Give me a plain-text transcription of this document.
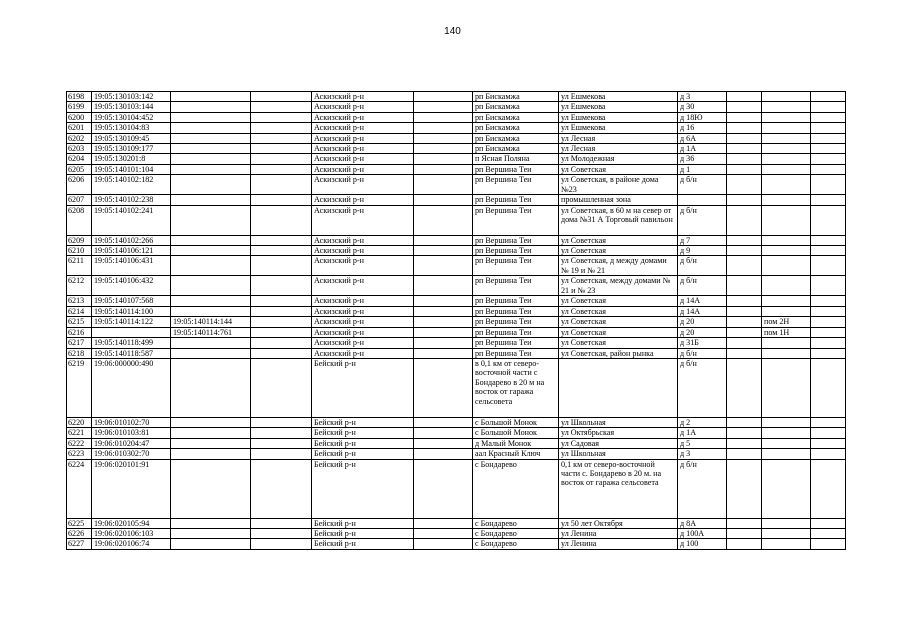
140
6198	19:05:130103:142			Аскизский р-н		рп Бискамжа	ул Ешмекова	д 3			
6199	19:05:130103:144			Аскизский р-н		рп Бискамжа	ул Ешмекова	д 30			
6200	19:05:130104:452			Аскизский р-н		рп Бискамжа	ул Ешмекова	д 18Ю			
6201	19:05:130104:83			Аскизский р-н		рп Бискамжа	ул Ешмекова	д 16			
6202	19:05:130109:45			Аскизский р-н		рп Бискамжа	ул Лесная	д 6А			
6203	19:05:130109:177			Аскизский р-н		рп Бискамжа	ул Лесная	д 1А			
6204	19:05:130201:8			Аскизский р-н		п Ясная Поляна	ул Молодежная	д 36			
6205	19:05:140101:104			Аскизский р-н		рп Вершина Теи	ул Советская	д 1			
6206	19:05:140102:182			Аскизский р-н		рп Вершина Теи	ул Советская, в районе дома №23	д б/н			
6207	19:05:140102:238			Аскизский р-н		рп Вершина Теи	промышленная зона				
6208	19:05:140102:241			Аскизский р-н		рп Вершина Теи	ул Советская, в 60 м на север от дома №31 А Торговый павильон	д б/н			
6209	19:05:140102:266			Аскизский р-н		рп Вершина Теи	ул Советская	д 7			
6210	19:05:140106:121			Аскизский р-н		рп Вершина Теи	ул Советская	д 9			
6211	19:05:140106:431			Аскизский р-н		рп Вершина Теи	ул Советская, д между домами № 19 и № 21	д б/н			
6212	19:05:140106:432			Аскизский р-н		рп Вершина Теи	ул Советская, между домами № 21 и № 23	д б/н			
6213	19:05:140107:568			Аскизский р-н		рп Вершина Теи	ул Советская	д 14А			
6214	19:05:140114:100			Аскизский р-н		рп Вершина Теи	ул Советская	д 14А			
6215	19:05:140114:122	19:05:140114:144		Аскизский р-н		рп Вершина Теи	ул Советская	д 20		пом 2Н	
6216		19:05:140114:761		Аскизский р-н		рп Вершина Теи	ул Советская	д 20		пом 1Н	
6217	19:05:140118:499			Аскизский р-н		рп Вершина Теи	ул Советская	д 31Б			
6218	19:05:140118:587			Аскизский р-н		рп Вершина Теи	ул Советская, район рынка	д б/н			
6219	19:06:000000:490			Бейский р-н		в 0,1 км от северо-восточной части с Бондарево в 20 м на восток от гаража сельсовета		д б/н			
6220	19:06:010102:70			Бейский р-н		с Большой Монок	ул Школьная	д 2			
6221	19:06:010103:81			Бейский р-н		с Большой Монок	ул Октябрьская	д 1А			
6222	19:06:010204:47			Бейский р-н		д Малый Монок	ул Садовая	д 5			
6223	19:06:010302:70			Бейский р-н		аал Красный Ключ	ул Школьная	д 3			
6224	19:06:020101:91			Бейский р-н		с Бондарево	0,1 км от северо-восточной части с. Бондарево в 20 м. на восток от гаража сельсовета	д б/н			
6225	19:06:020105:94			Бейский р-н		с Бондарево	ул 50 лет Октября	д 8А			
6226	19:06:020106:103			Бейский р-н		с Бондарево	ул Ленина	д 100А			
6227	19:06:020106:74			Бейский р-н		с Бондарево	ул Ленина	д 100			
